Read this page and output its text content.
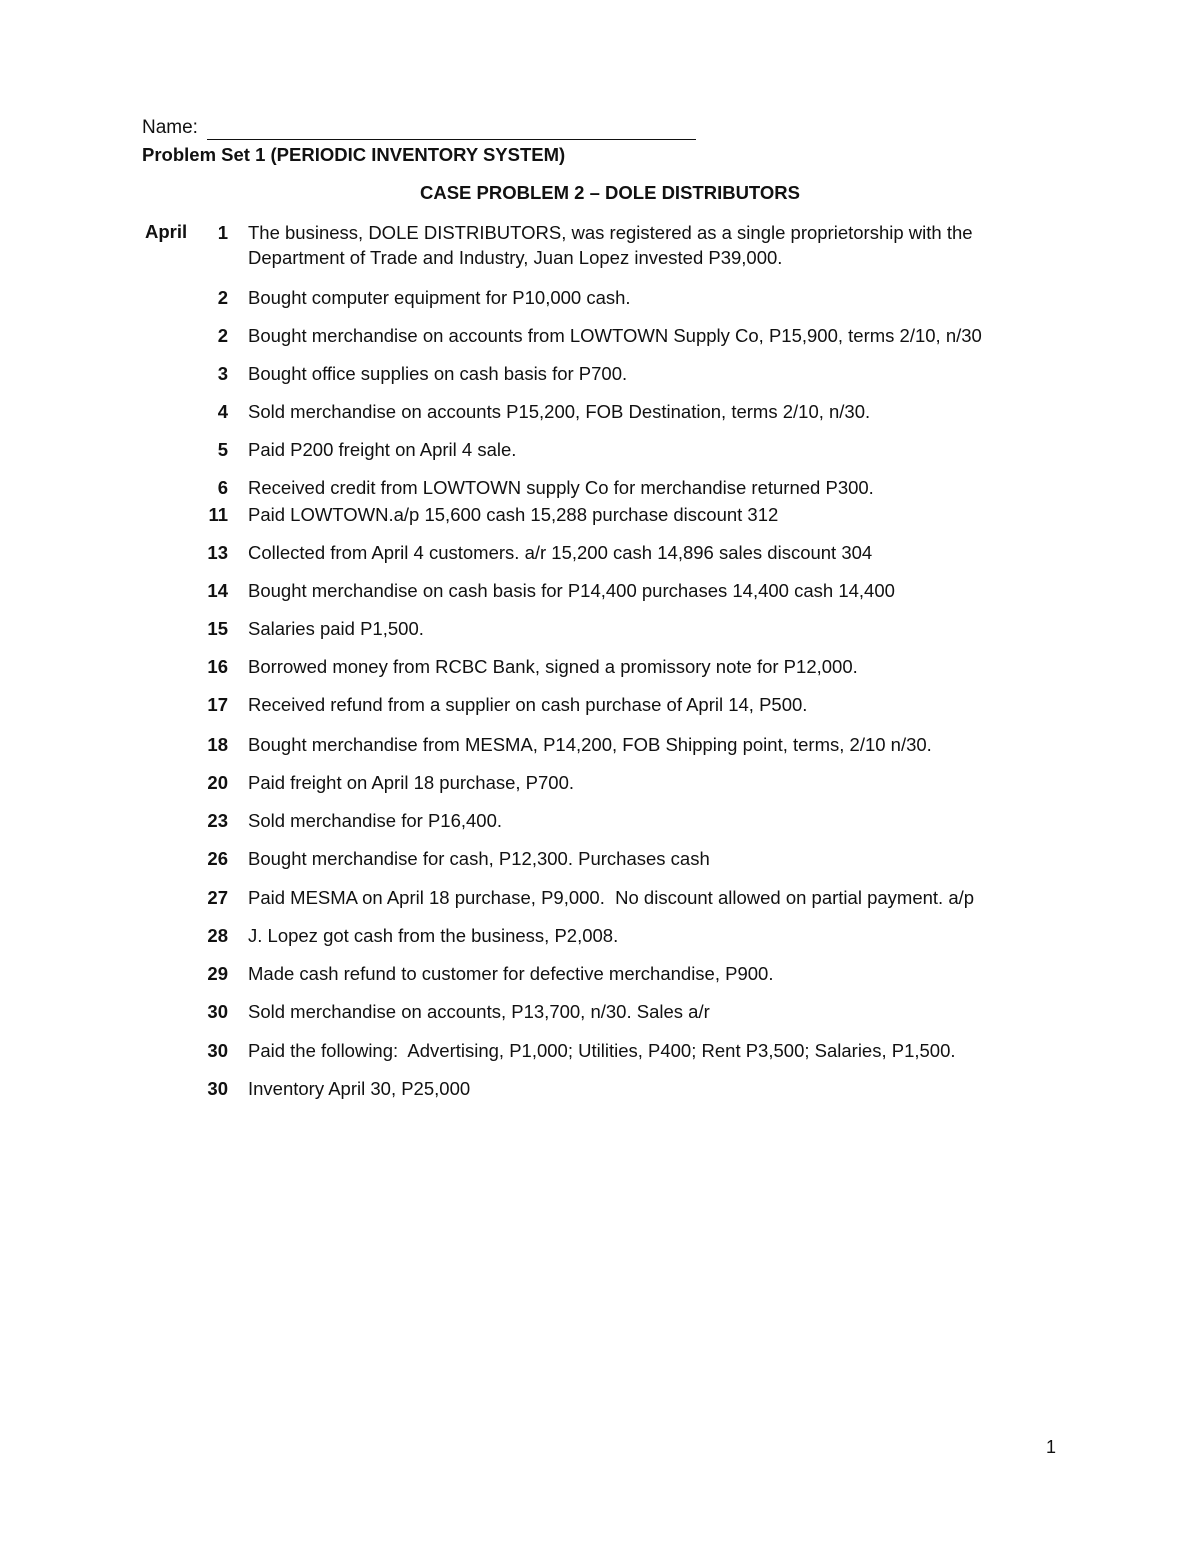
Name:
Problem Set 1 (PERIODIC INVENTORY SYSTEM)
CASE PROBLEM 2 – DOLE DISTRIBUTORS
April	1 The business, DOLE DISTRIBUTORS, was registered as a single proprietorship with the
Department of Trade and Industry, Juan Lopez invested P39,000.
2 Bought computer equipment for P10,000 cash.
2 Bought merchandise on accounts from LOWTOWN Supply Co, P15,900, terms 2/10, n/30
3 Bought office supplies on cash basis for P700.
4 Sold merchandise on accounts P15,200, FOB Destination, terms 2/10, n/30.
5 Paid P200 freight on April 4 sale.
6 Received credit from LOWTOWN supply Co for merchandise returned P300.
11 Paid LOWTOWN.a/p 15,600 cash 15,288 purchase discount 312
13 Collected from April 4 customers. a/r 15,200 cash 14,896 sales discount 304
14 Bought merchandise on cash basis for P14,400 purchases 14,400 cash 14,400
15 Salaries paid P1,500.
16 Borrowed money from RCBC Bank, signed a promissory note for P12,000.
17 Received refund from a supplier on cash purchase of April 14, P500.
18 Bought merchandise from MESMA, P14,200, FOB Shipping point, terms, 2/10 n/30.
20 Paid freight on April 18 purchase, P700.
23 Sold merchandise for P16,400.
26 Bought merchandise for cash, P12,300. Purchases cash
27 Paid MESMA on April 18 purchase, P9,000.  No discount allowed on partial payment. a/p
28 J. Lopez got cash from the business, P2,008.
29 Made cash refund to customer for defective merchandise, P900.
30 Sold merchandise on accounts, P13,700, n/30. Sales a/r
30 Paid the following:  Advertising, P1,000; Utilities, P400; Rent P3,500; Salaries, P1,500.
30 Inventory April 30, P25,000
1
